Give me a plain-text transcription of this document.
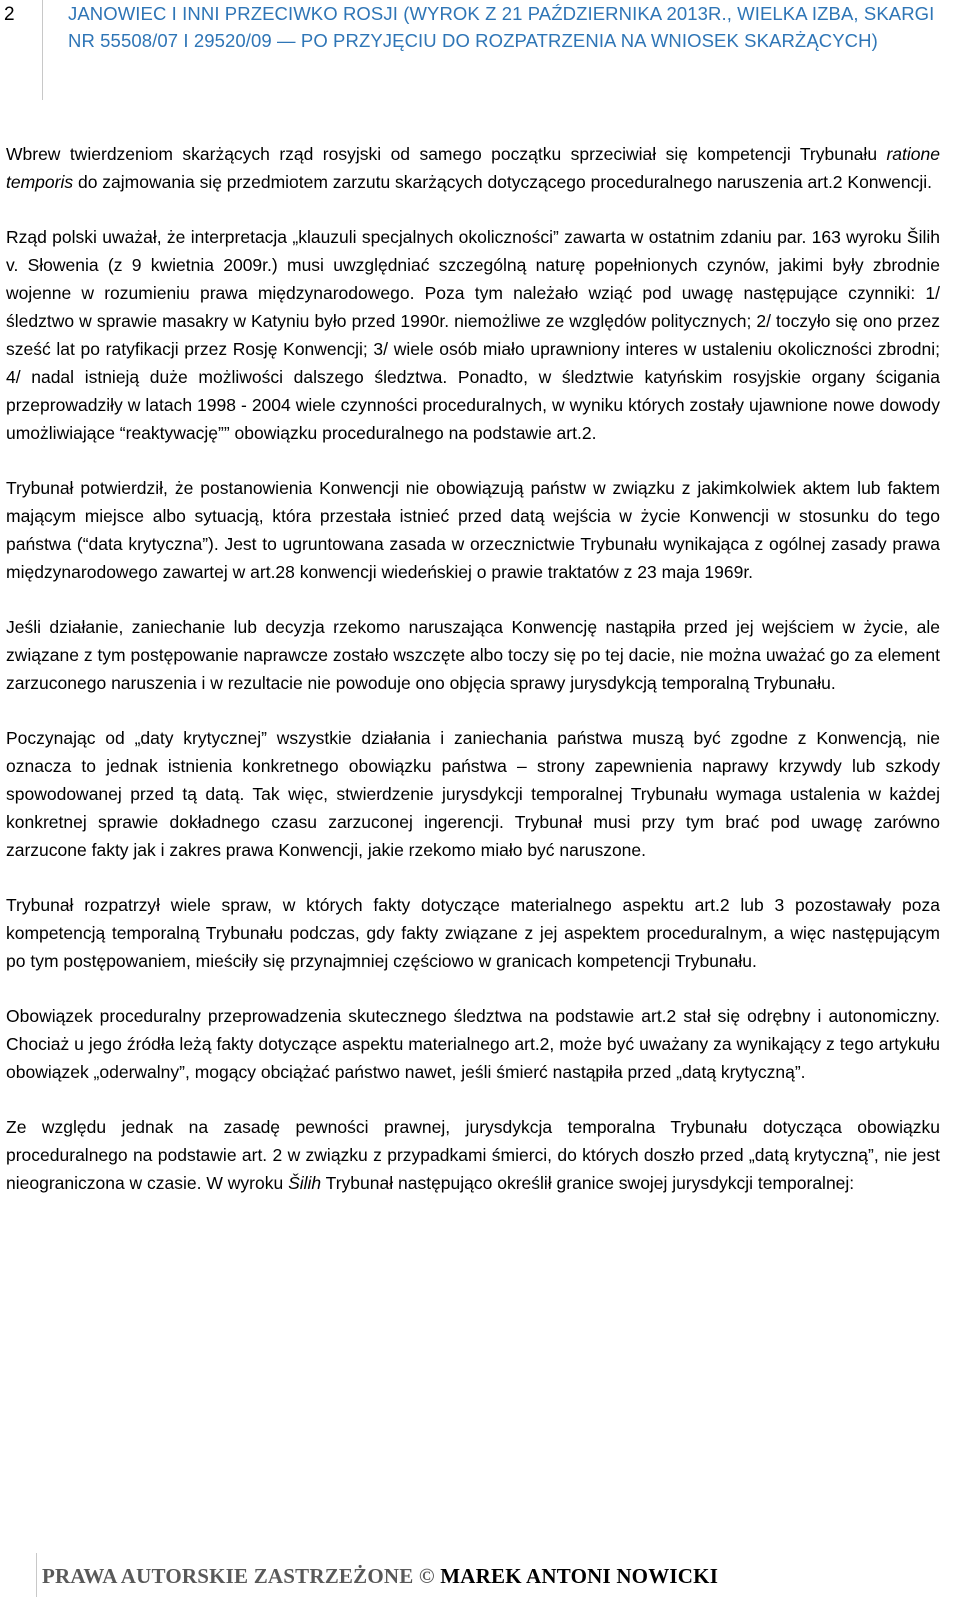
2	JANOWIEC I INNI PRZECIWKO ROSJI (WYROK Z 21 PAŹDZIERNIKA 2013R., WIELKA IZBA, SKARGI NR 55508/07 I 29520/09 — PO PRZYJĘCIU DO ROZPATRZENIA NA WNIOSEK SKARŻĄCYCH)

Wbrew twierdzeniom skarżących rząd rosyjski od samego początku sprzeciwiał się kompetencji Trybunału ratione temporis do zajmowania się przedmiotem zarzutu skarżących dotyczącego proceduralnego naruszenia art.2 Konwencji.

Rząd polski uważał, że interpretacja „klauzuli specjalnych okoliczności” zawarta w ostatnim zdaniu par. 163 wyroku Šilih v. Słowenia (z 9 kwietnia 2009r.) musi uwzględniać szczególną naturę popełnionych czynów, jakimi były zbrodnie wojenne w rozumieniu prawa międzynarodowego. Poza tym należało wziąć pod uwagę następujące czynniki: 1/ śledztwo w sprawie masakry w Katyniu było przed 1990r. niemożliwe ze względów politycznych; 2/ toczyło się ono przez sześć lat po ratyfikacji przez Rosję Konwencji; 3/ wiele osób miało uprawniony interes w ustaleniu okoliczności zbrodni; 4/ nadal istnieją duże możliwości dalszego śledztwa. Ponadto, w śledztwie katyńskim rosyjskie organy ścigania przeprowadziły w latach 1998 - 2004 wiele czynności proceduralnych, w wyniku których zostały ujawnione nowe dowody umożliwiające “reaktywację”” obowiązku proceduralnego na podstawie art.2.

Trybunał potwierdził, że postanowienia Konwencji nie obowiązują państw w związku z jakimkolwiek aktem lub faktem mającym miejsce albo sytuacją, która przestała istnieć przed datą wejścia w życie Konwencji w stosunku do tego państwa (“data krytyczna”). Jest to ugruntowana zasada w orzecznictwie Trybunału wynikająca z ogólnej zasady prawa międzynarodowego zawartej w art.28 konwencji wiedeńskiej o prawie traktatów z 23 maja 1969r.

Jeśli działanie, zaniechanie lub decyzja rzekomo naruszająca Konwencję nastąpiła przed jej wejściem w życie, ale związane z tym postępowanie naprawcze zostało wszczęte albo toczy się po tej dacie, nie można uważać go za element zarzuconego naruszenia i w rezultacie nie powoduje ono objęcia sprawy jurysdykcją temporalną Trybunału.

Poczynając od „daty krytycznej” wszystkie działania i zaniechania państwa muszą być zgodne z Konwencją, nie oznacza to jednak istnienia konkretnego obowiązku państwa – strony zapewnienia naprawy krzywdy lub szkody spowodowanej przed tą datą. Tak więc, stwierdzenie jurysdykcji temporalnej Trybunału wymaga ustalenia w każdej konkretnej sprawie dokładnego czasu zarzuconej ingerencji. Trybunał musi przy tym brać pod uwagę zarówno zarzucone fakty jak i zakres prawa Konwencji, jakie rzekomo miało być naruszone.

Trybunał rozpatrzył wiele spraw, w których fakty dotyczące materialnego aspektu art.2 lub 3 pozostawały poza kompetencją temporalną Trybunału podczas, gdy fakty związane z jej aspektem proceduralnym, a więc następującym po tym postępowaniem, mieściły się przynajmniej częściowo w granicach kompetencji Trybunału.

Obowiązek proceduralny przeprowadzenia skutecznego śledztwa na podstawie art.2 stał się odrębny i autonomiczny. Chociaż u jego źródła leżą fakty dotyczące aspektu materialnego art.2, może być uważany za wynikający z tego artykułu obowiązek „oderwalny”, mogący obciążać państwo nawet, jeśli śmierć nastąpiła przed „datą krytyczną”.

Ze względu jednak na zasadę pewności prawnej, jurysdykcja temporalna Trybunału dotycząca obowiązku proceduralnego na podstawie art. 2 w związku z przypadkami śmierci, do których doszło przed „datą krytyczną”, nie jest nieograniczona w czasie. W wyroku Šilih Trybunał następująco określił granice swojej jurysdykcji temporalnej:

PRAWA AUTORSKIE ZASTRZEŻONE © MAREK ANTONI NOWICKI
